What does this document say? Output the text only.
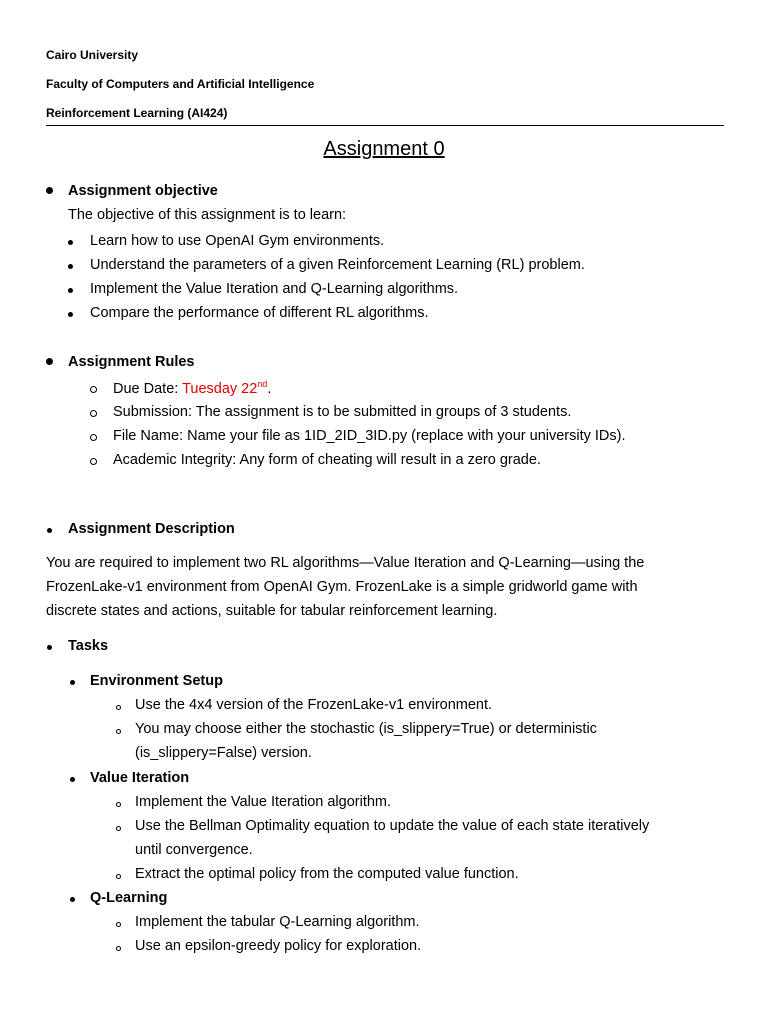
Cairo University
Faculty of Computers and Artificial Intelligence
Reinforcement Learning (AI424)
Assignment 0
Assignment objective
The objective of this assignment is to learn:
Learn how to use OpenAI Gym environments.
Understand the parameters of a given Reinforcement Learning (RL) problem.
Implement the Value Iteration and Q-Learning algorithms.
Compare the performance of different RL algorithms.
Assignment Rules
Due Date: Tuesday 22nd.
Submission: The assignment is to be submitted in groups of 3 students.
File Name: Name your file as 1ID_2ID_3ID.py (replace with your university IDs).
Academic Integrity: Any form of cheating will result in a zero grade.
Assignment Description
You are required to implement two RL algorithms—Value Iteration and Q-Learning—using the
FrozenLake-v1 environment from OpenAI Gym. FrozenLake is a simple gridworld game with
discrete states and actions, suitable for tabular reinforcement learning.
Tasks
Environment Setup
Use the 4x4 version of the FrozenLake-v1 environment.
You may choose either the stochastic (is_slippery=True) or deterministic
(is_slippery=False) version.
Value Iteration
Implement the Value Iteration algorithm.
Use the Bellman Optimality equation to update the value of each state iteratively
until convergence.
Extract the optimal policy from the computed value function.
Q-Learning
Implement the tabular Q-Learning algorithm.
Use an epsilon-greedy policy for exploration.
